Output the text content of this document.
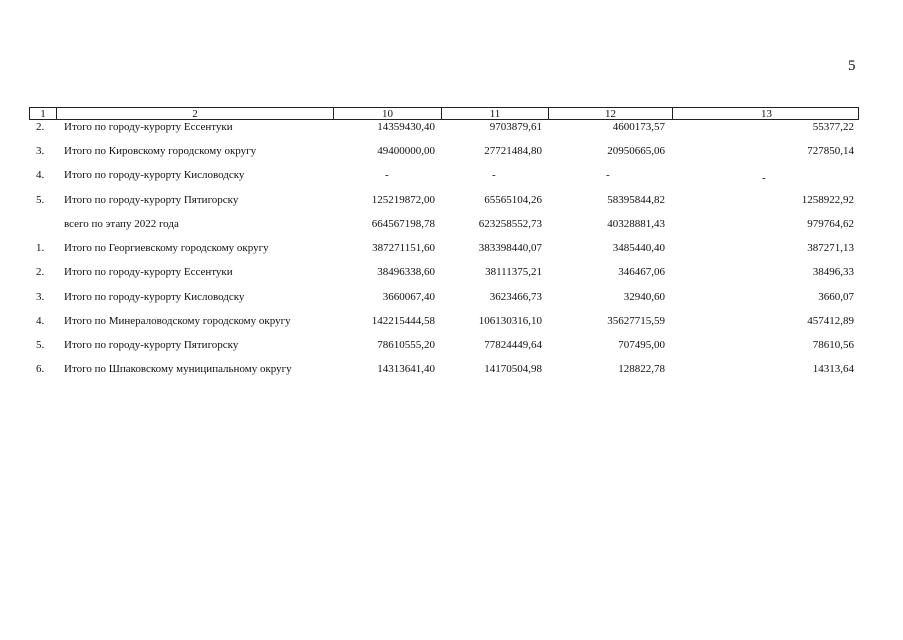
5
1	2	10	11	12	13
2. Итого по городу-курорту Ессентуки	14359430,40	9703879,61	4600173,57	55377,22
3. Итого по Кировскому городскому округу	49400000,00	27721484,80	20950665,06	727850,14
4. Итого по городу-курорту Кисловодску	-	-	-	-
5. Итого по городу-курорту Пятигорску	125219872,00	65565104,26	58395844,82	1258922,92
всего по этапу 2022 года	664567198,78	623258552,73	40328881,43	979764,62
1. Итого по Георгиевскому городскому округу	387271151,60	383398440,07	3485440,40	387271,13
2. Итого по городу-курорту Ессентуки	38496338,60	38111375,21	346467,06	38496,33
3. Итого по городу-курорту Кисловодску	3660067,40	3623466,73	32940,60	3660,07
4. Итого по Минераловодскому городскому округу	142215444,58	106130316,10	35627715,59	457412,89
5. Итого по городу-курорту Пятигорску	78610555,20	77824449,64	707495,00	78610,56
6. Итого по Шпаковскому муниципальному округу	14313641,40	14170504,98	128822,78	14313,64
